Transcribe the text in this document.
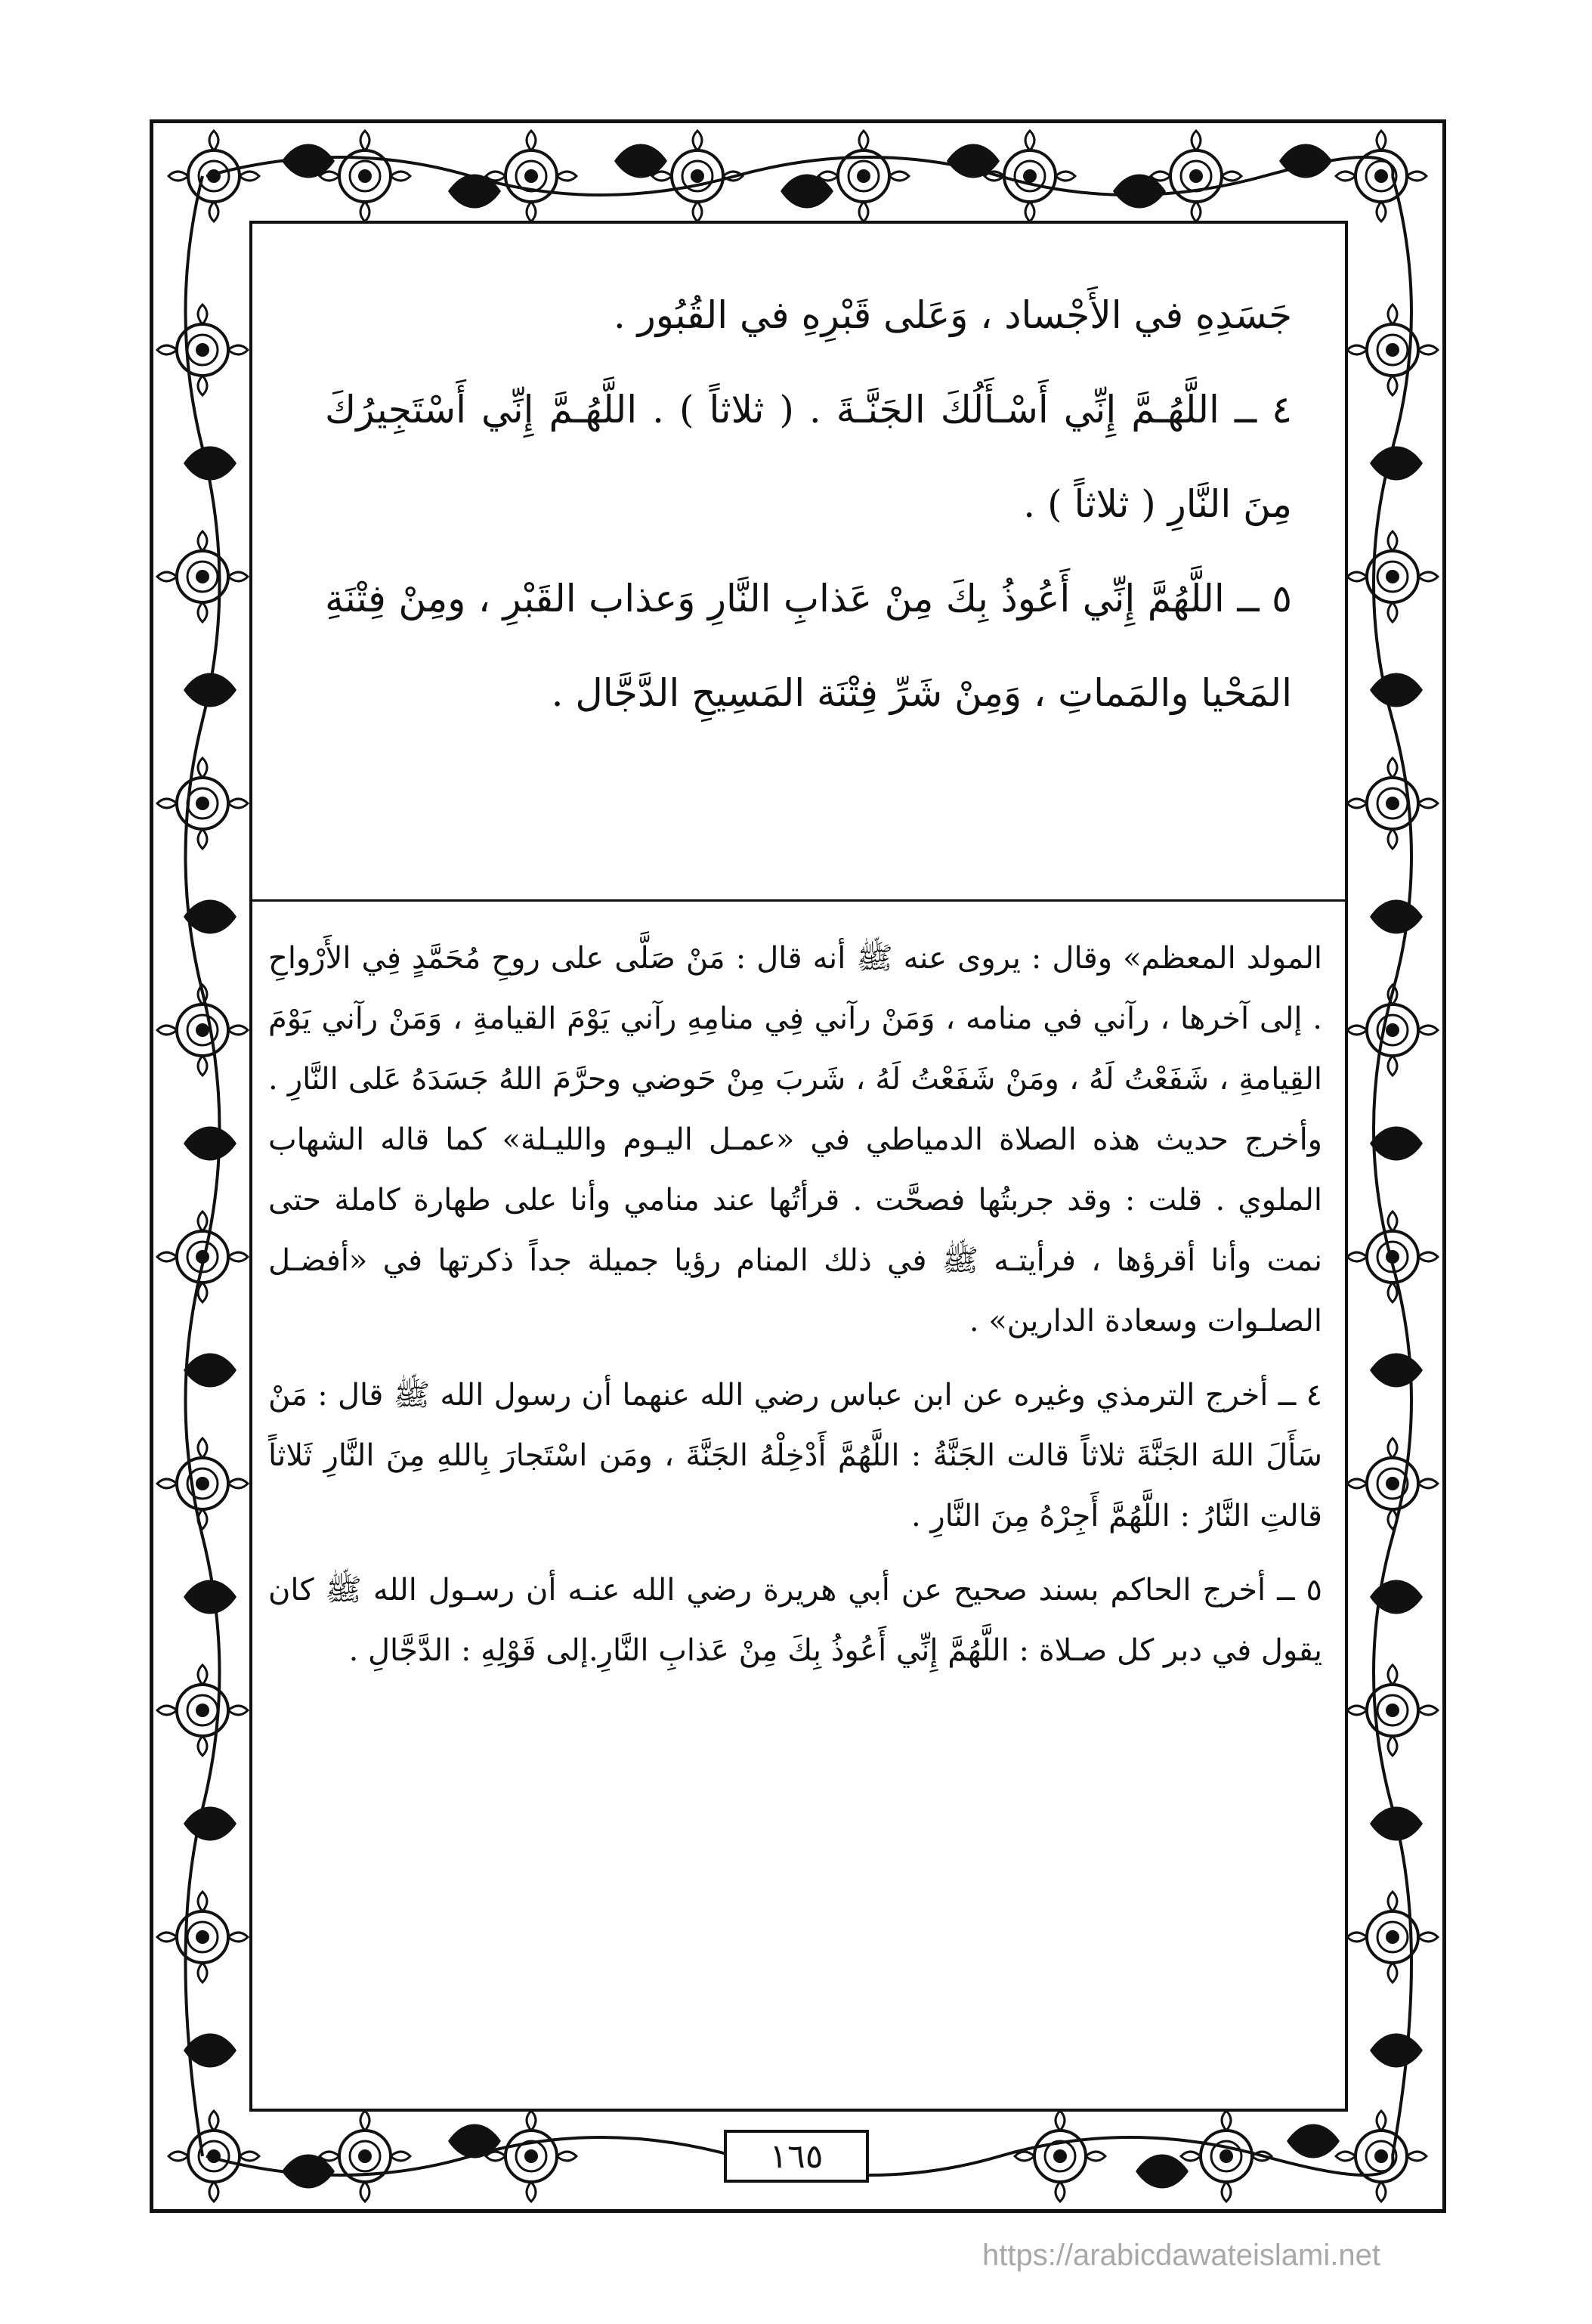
جَسَدِهِ في الأَجْساد ، وَعَلى قَبْرِهِ في القُبُور .

٤ ــ اللَّهُـمَّ إِنِّي أَسْـأَلُكَ الجَنَّـةَ . ( ثلاثاً ) . اللَّهُـمَّ إِنِّي أَسْتَجِيرُكَ مِنَ النَّارِ ( ثلاثاً ) .

٥ ــ اللَّهُمَّ إِنِّي أَعُوذُ بِكَ مِنْ عَذابِ النَّارِ وَعذاب القَبْرِ ، ومِنْ فِتْنَةِ المَحْيا والمَماتِ ، وَمِنْ شَرِّ فِتْنَة المَسِيحِ الدَّجَّال .

المولد المعظم» وقال : يروى عنه ﷺ أنه قال : مَنْ صَلَّى على روحِ مُحَمَّدٍ فِي الأَرْواحِ . إلى آخرها ، رآني في منامه ، وَمَنْ رآني فِي منامِهِ رآني يَوْمَ القيامةِ ، وَمَنْ رآني يَوْمَ القِيامةِ ، شَفَعْتُ لَهُ ، ومَنْ شَفَعْتُ لَهُ ، شَربَ مِنْ حَوضي وحرَّمَ اللهُ جَسَدَهُ عَلى النَّارِ . وأخرج حديث هذه الصلاة الدمياطي في «عمـل اليـوم والليـلة» كما قاله الشهاب الملوي . قلت : وقد جربتُها فصحَّت . قرأتُها عند منامي وأنا على طهارة كاملة حتى نمت وأنا أقرؤها ، فرأيتـه ﷺ في ذلك المنام رؤيا جميلة جداً ذكرتها في «أفضـل الصلـوات وسعادة الدارين» .

٤ ــ أخرج الترمذي وغيره عن ابن عباس رضي الله عنهما أن رسول الله ﷺ قال : مَنْ سَأَلَ اللهَ الجَنَّةَ ثلاثاً قالت الجَنَّةُ : اللَّهُمَّ أَدْخِلْهُ الجَنَّةَ ، ومَن اسْتَجارَ بِاللهِ مِنَ النَّارِ ثَلاثاً قالتِ النَّارُ : اللَّهُمَّ أَجِرْهُ مِنَ النَّارِ .

٥ ــ أخرج الحاكم بسند صحيح عن أبي هريرة رضي الله عنـه أن رسـول الله ﷺ كان يقول في دبر كل صـلاة : اللَّهُمَّ إِنِّي أَعُوذُ بِكَ مِنْ عَذابِ النَّارِ.إلى قَوْلِهِ : الدَّجَّالِ .

١٦٥
https://arabicdawateislami.net
